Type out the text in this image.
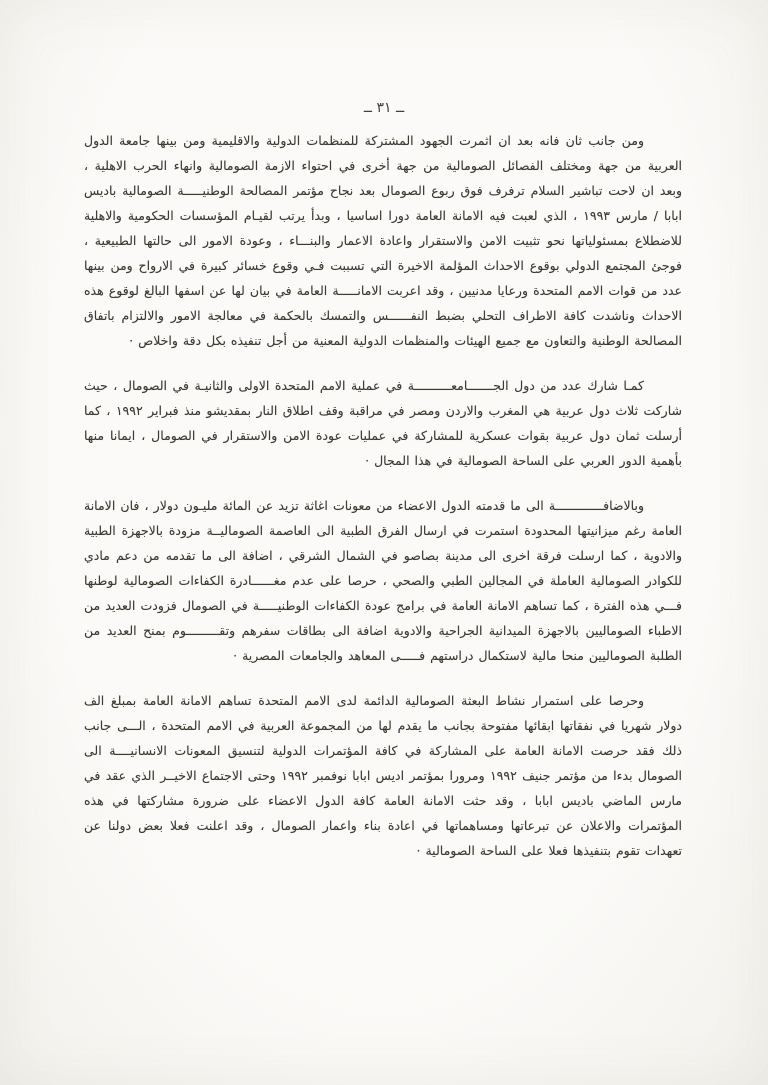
ــ ٣١ ــ

ومن جانب ثان فانه بعد ان اثمرت الجهود المشتركة للمنظمات الدولية والاقليمية ومن بينها جامعة الدول العربية من جهة ومختلف الفصائل الصومالية من جهة أخرى في احتواء الازمة الصومالية وانهاء الحرب الاهلية ، وبعد ان لاحت تباشير السلام ترفرف فوق ربوع الصومال بعد نجاح مؤتمر المصالحة الوطنيـــــة الصومالية باديس ابابا / مارس ١٩٩٣ ، الذي لعبت فيه الامانة العامة دورا اساسيا ، وبدأ يرتب لقيـام المؤسسات الحكومية والاهلية للاضطلاع بمسئولياتها نحو تثبيت الامن والاستقرار واعادة الاعمار والبنـــاء ، وعودة الامور الى حالتها الطبيعية ، فوجئ المجتمع الدولي بوقوع الاحداث المؤلمة الاخيرة التي تسببت فـي وقوع خسائر كبيرة في الارواح ومن بينها عدد من قوات الامم المتحدة ورعايا مدنيين ، وقد اعربت الامانـــــة العامة في بيان لها عن اسفها البالغ لوقوع هذه الاحداث وناشدت كافة الاطراف التحلي بضبط النفــــــس والتمسك بالحكمة في معالجة الامور والالتزام باتفاق المصالحة الوطنية والتعاون مع جميع الهيئات والمنظمات الدولية المعنية من أجل تنفيذه بكل دقة واخلاص ·

كمـا شارك عدد من دول الجـــــــامعــــــــــة في عملية الامم المتحدة الاولى والثانيـة في الصومال ، حيث شاركت ثلاث دول عربية هي المغرب والاردن ومصر في مراقبة وقف اطلاق النار بمقديشو منذ فبراير ١٩٩٢ ، كما أرسلت ثمان دول عربية بقوات عسكرية للمشاركة في عمليات عودة الامن والاستقرار في الصومال ، ايمانا منها بأهمية الدور العربي على الساحة الصومالية في هذا المجال ·

وبالاضافـــــــــــــة الى ما قدمته الدول الاعضاء من معونات اغاثة تزيد عن المائة مليـون دولار ، فان الامانة العامة رغم ميزانيتها المحدودة استمرت في ارسال الفرق الطبية الى العاصمة الصوماليــة مزودة بالاجهزة الطبية والادوية ، كما ارسلت فرقة اخرى الى مدينة بصاصو في الشمال الشرقي ، اضافة الى ما تقدمه من دعم مادي للكوادر الصومالية العاملة في المجالين الطبي والصحي ، حرصا على عدم مغــــــادرة الكفاءات الصومالية لوطنها فـــي هذه الفترة ، كما تساهم الامانة العامة في برامج عودة الكفاءات الوطنيـــــة في الصومال فزودت العديد من الاطباء الصوماليين بالاجهزة الميدانية الجراحية والادوية اضافة الى بطاقات سفرهم وتقـــــــــوم بمنح العديد من الطلبة الصوماليين منحا مالية لاستكمال دراستهم فـــــى المعاهد والجامعات المصرية ·

وحرصا على استمرار نشاط البعثة الصومالية الدائمة لدى الامم المتحدة تساهم الامانة العامة بمبلغ الف دولار شهريا في نفقاتها ابقائها مفتوحة بجانب ما يقدم لها من المجموعة العربية في الامم المتحدة ، الـــى جانب ذلك فقد حرصت الامانة العامة على المشاركة في كافة المؤتمرات الدولية لتنسيق المعونات الانسانيــــة الى الصومال بدءا من مؤتمر جنيف ١٩٩٢ ومرورا بمؤتمر اديس ابابا نوفمبر ١٩٩٢ وحتى الاجتماع الاخيــر الذي عقد في مارس الماضي باديس ابابا ، وقد حثت الامانة العامة كافة الدول الاعضاء على ضرورة مشاركتها في هذه المؤتمرات والاعلان عن تبرعاتها ومساهماتها في اعادة بناء واعمار الصومال ، وقد اعلنت فعلا بعض دولنا عن تعهدات تقوم بتنفيذها فعلا على الساحة الصومالية ·
